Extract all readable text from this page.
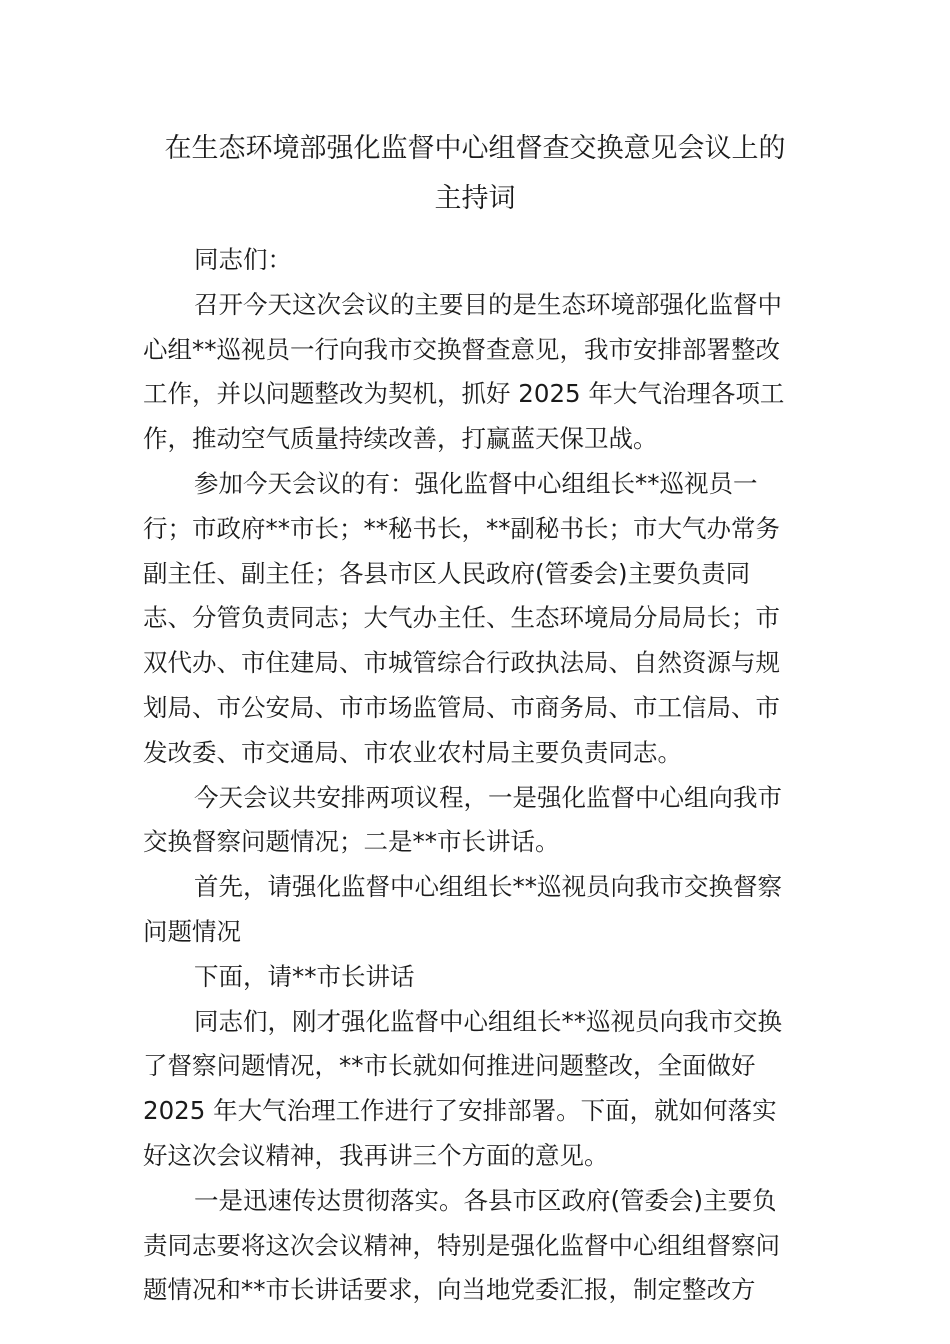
在生态环境部强化监督中心组督查交换意见会议上的
主持词
同志们：
召开今天这次会议的主要目的是生态环境部强化监督中
心组**巡视员一行向我市交换督查意见，我市安排部署整改
工作，并以问题整改为契机，抓好 2025 年大气治理各项工
作，推动空气质量持续改善，打赢蓝天保卫战。
参加今天会议的有：强化监督中心组组长**巡视员一
行；市政府**市长；**秘书长，**副秘书长；市大气办常务
副主任、副主任；各县市区人民政府(管委会)主要负责同
志、分管负责同志；大气办主任、生态环境局分局局长；市
双代办、市住建局、市城管综合行政执法局、自然资源与规
划局、市公安局、市市场监管局、市商务局、市工信局、市
发改委、市交通局、市农业农村局主要负责同志。
今天会议共安排两项议程，一是强化监督中心组向我市
交换督察问题情况；二是**市长讲话。
首先，请强化监督中心组组长**巡视员向我市交换督察
问题情况
下面，请**市长讲话
同志们，刚才强化监督中心组组长**巡视员向我市交换
了督察问题情况，**市长就如何推进问题整改，全面做好
2025 年大气治理工作进行了安排部署。下面，就如何落实
好这次会议精神，我再讲三个方面的意见。
一是迅速传达贯彻落实。各县市区政府(管委会)主要负
责同志要将这次会议精神，特别是强化监督中心组组督察问
题情况和**市长讲话要求，向当地党委汇报，制定整改方
